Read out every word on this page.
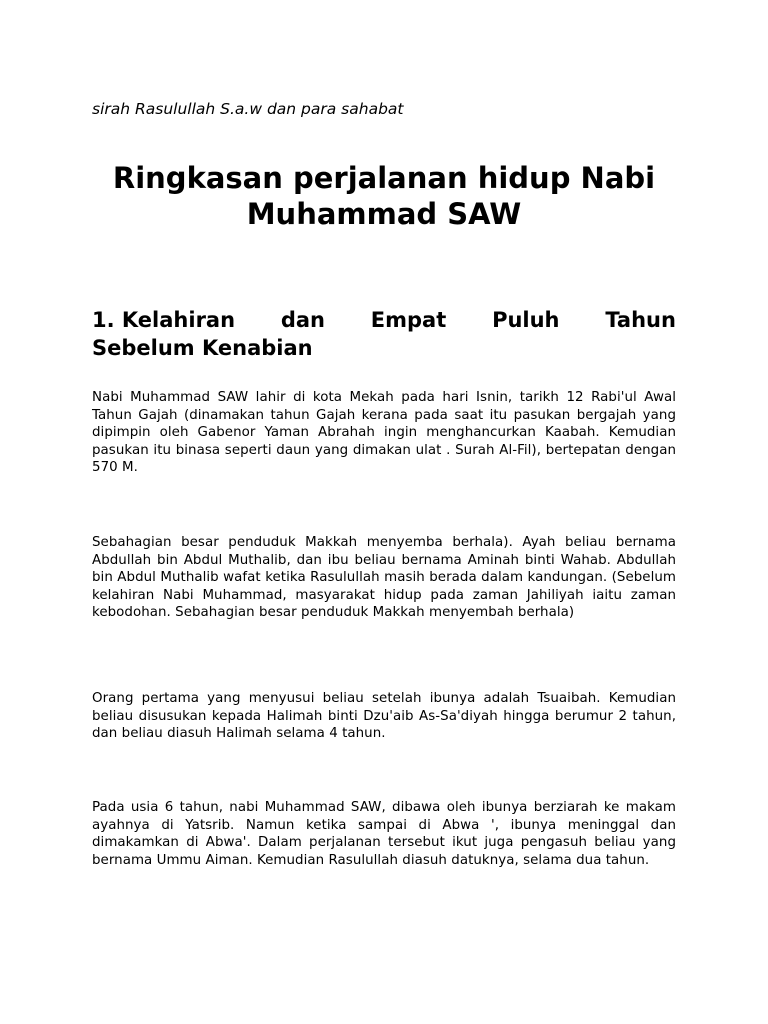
sirah Rasulullah S.a.w dan para sahabat
Ringkasan perjalanan hidup Nabi
Muhammad SAW
1. Kelahiran dan Empat Puluh Tahun
Sebelum Kenabian

Nabi Muhammad SAW lahir di kota Mekah pada hari Isnin, tarikh 12 Rabi'ul Awal Tahun Gajah (dinamakan tahun Gajah kerana pada saat itu pasukan bergajah yang dipimpin oleh Gabenor Yaman Abrahah ingin menghancurkan Kaabah. Kemudian pasukan itu binasa seperti daun yang dimakan ulat . Surah Al-Fil), bertepatan dengan 570 M.

Sebahagian besar penduduk Makkah menyemba berhala). Ayah beliau bernama Abdullah bin Abdul Muthalib, dan ibu beliau bernama Aminah binti Wahab. Abdullah bin Abdul Muthalib wafat ketika Rasulullah masih berada dalam kandungan. (Sebelum kelahiran Nabi Muhammad, masyarakat hidup pada zaman Jahiliyah iaitu zaman kebodohan. Sebahagian besar penduduk Makkah menyembah berhala)

Orang pertama yang menyusui beliau setelah ibunya adalah Tsuaibah. Kemudian beliau disusukan kepada Halimah binti Dzu'aib As-Sa'diyah hingga berumur 2 tahun, dan beliau diasuh Halimah selama 4 tahun.

Pada usia 6 tahun, nabi Muhammad SAW, dibawa oleh ibunya berziarah ke makam ayahnya di Yatsrib. Namun ketika sampai di Abwa ', ibunya meninggal dan dimakamkan di Abwa'. Dalam perjalanan tersebut ikut juga pengasuh beliau yang bernama Ummu Aiman. Kemudian Rasulullah diasuh datuknya, selama dua tahun.
